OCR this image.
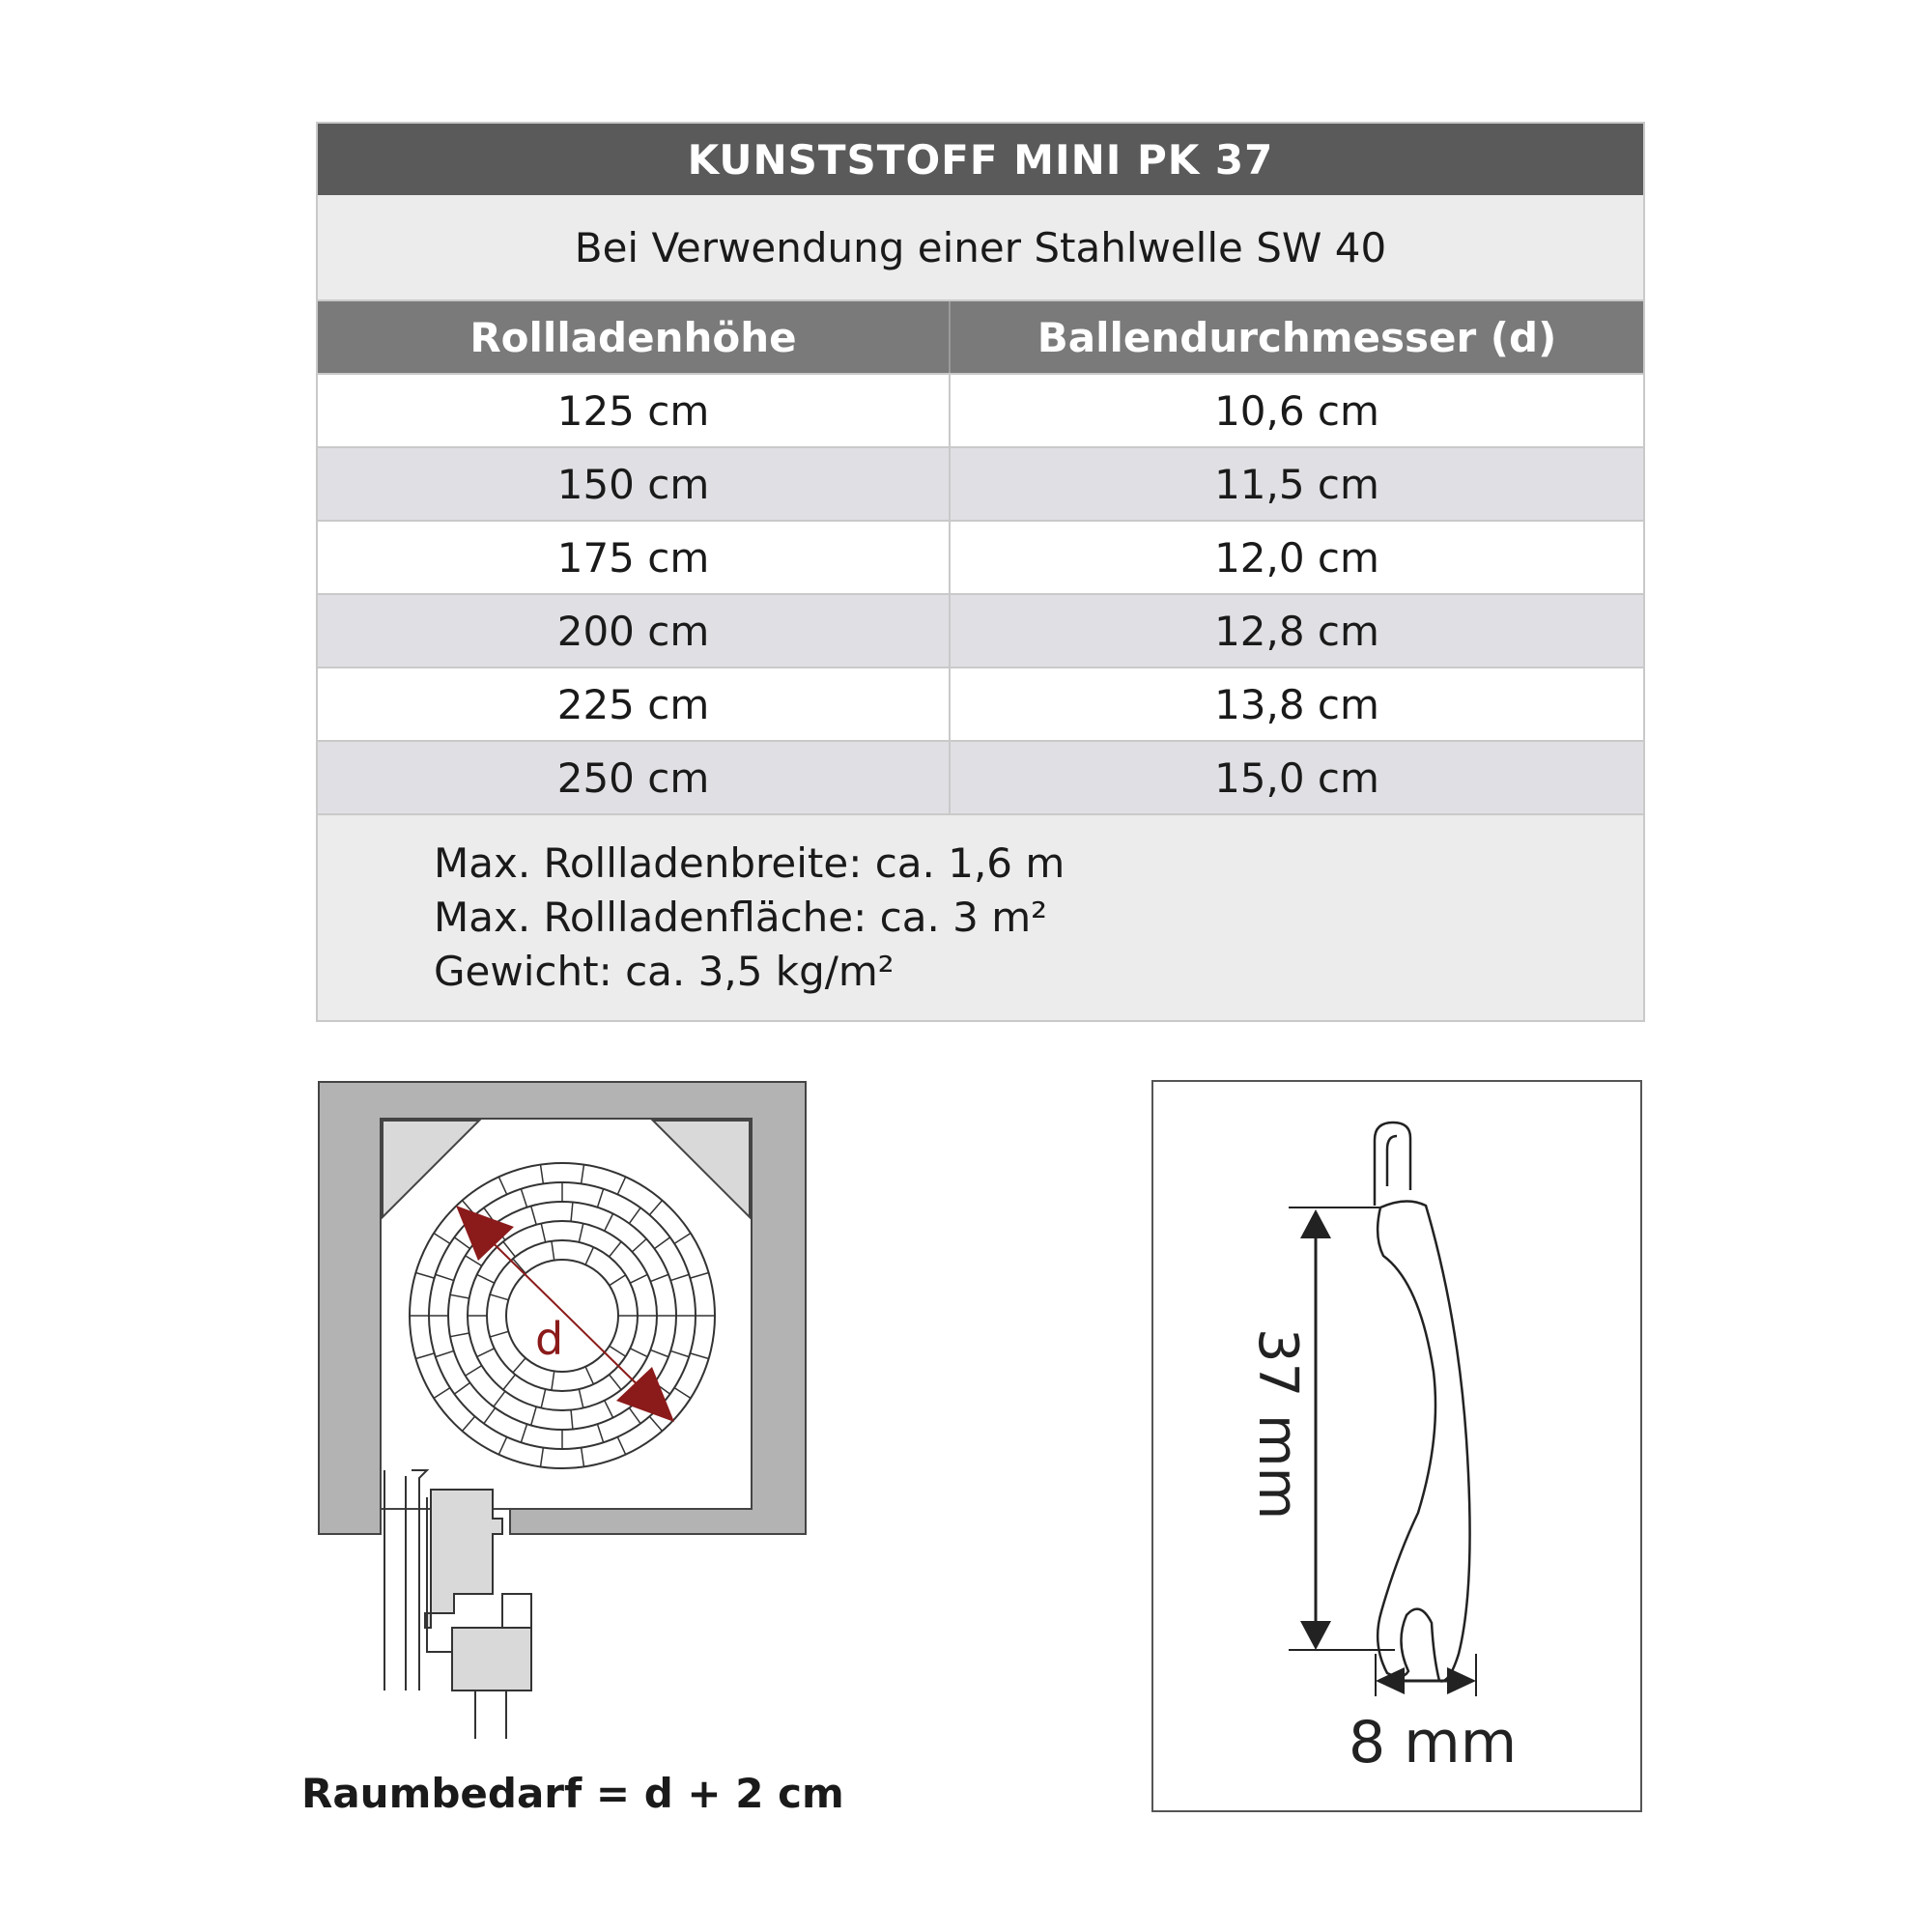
KUNSTSTOFF MINI PK 37
Bei Verwendung einer Stahlwelle SW 40
Rollladenhöhe	Ballendurchmesser (d)
125 cm	10,6 cm
150 cm	11,5 cm
175 cm	12,0 cm
200 cm	12,8 cm
225 cm	13,8 cm
250 cm	15,0 cm
Max. Rollladenbreite: ca. 1,6 m
Max. Rollladenfläche: ca. 3 m²
Gewicht: ca. 3,5 kg/m²
d
Raumbedarf = d + 2 cm
37 mm
8 mm
